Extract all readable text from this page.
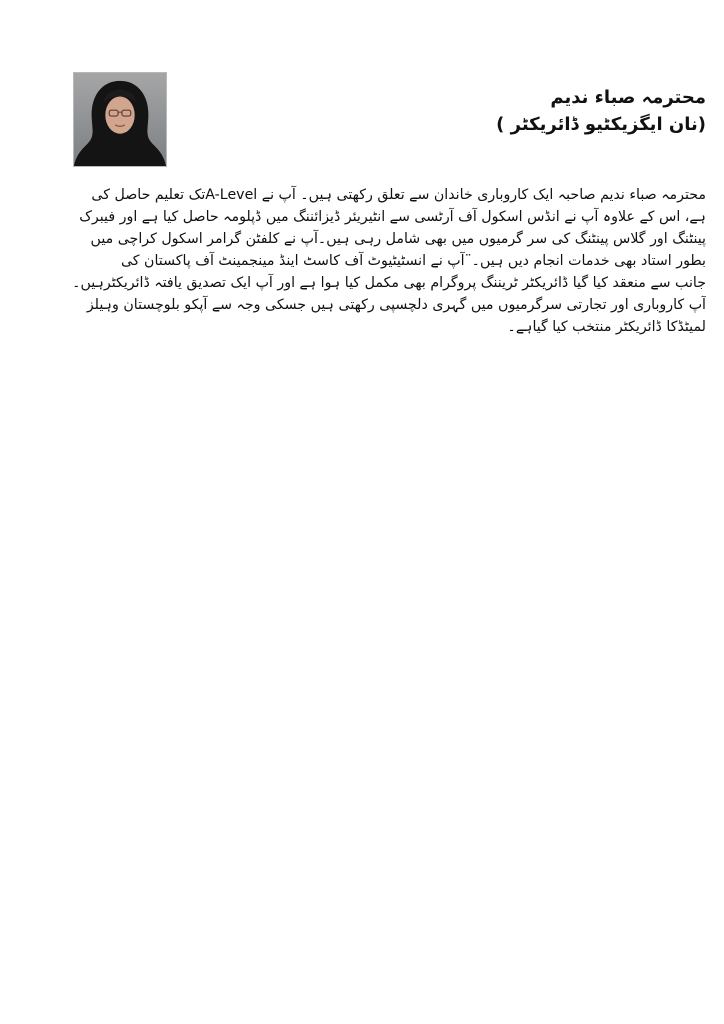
محترمہ صباء ندیم

(نان ایگزیکٹیو ڈائریکٹر )

محترمہ صباء ندیم صاحبہ ایک کاروباری خاندان سے تعلق رکھتی ہیں۔ آپ نے A-Levelتک تعلیم حاصل کی
ہے، اس کے علاوہ آپ نے انڈس اسکول آف آرٹسی سے انٹیریئر ڈیزائننگ میں ڈپلومہ حاصل کیا ہے اور فیبرک
پینٹنگ اور گلاس پینٹنگ کی سر گرمیوں میں بھی شامل رہی ہیں۔آپ نے کلفٹن گرامر اسکول کراچی میں
بطور استاد بھی خدمات انجام دیں ہیں۔¨آپ نے انسٹیٹیوٹ آف کاسٹ اینڈ مینجمینٹ آف پاکستان کی
جانب سے منعقد کیا گیا ڈائریکٹر ٹریننگ پروگرام بھی مکمل کیا ہوا ہے اور آپ ایک تصدیق یافتہ ڈائریکٹرہیں۔
آپ کاروباری اور تجارتی سرگرمیوں میں گہری دلچسپی رکھتی ہیں جسکی وجہ سے آپکو بلوچستان وہیلز
لمیٹڈکا ڈائریکٹر منتخب کیا گیاہے۔
